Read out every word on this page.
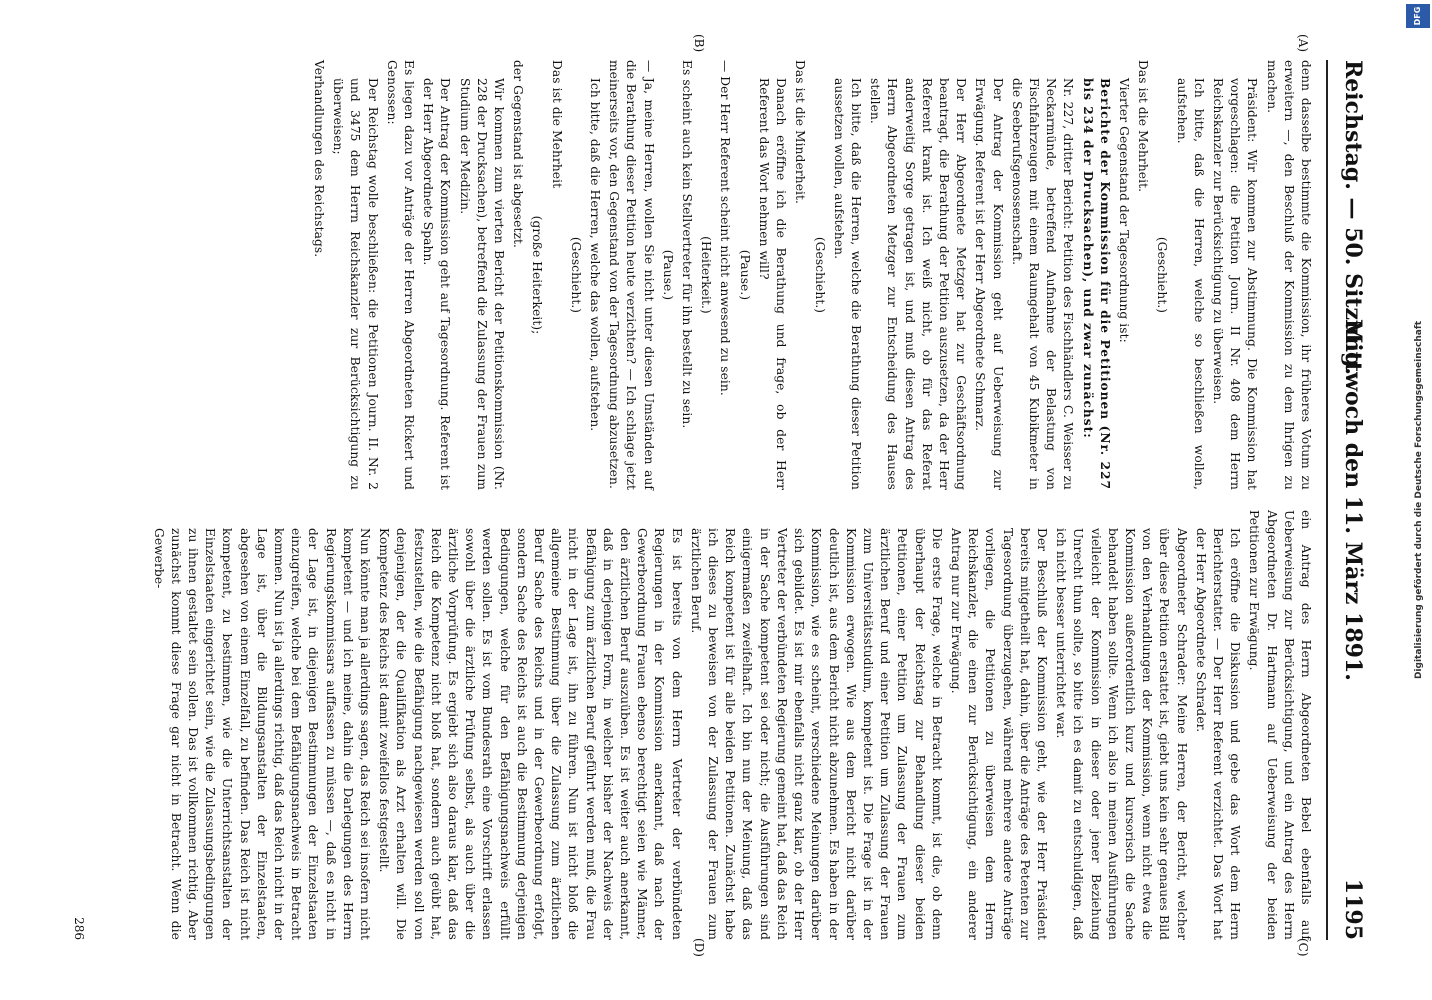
Reichstag. — 50. Sitzung.
Mittwoch den 11. März 1891.
1195
(A)
(B)
(C)
(D)

denn dasselbe bestimmte die Kommission, ihr früheres Votum zu erweitern —, den Beschluß der Kommission zu dem Ihrigen zu machen.

Präsident: Wir kommen zur Abstimmung. Die Kommission hat vorgeschlagen: die Petition Journ. II Nr. 408 dem Herrn Reichskanzler zur Berücksichtigung zu überweisen.

Ich bitte, daß die Herren, welche so beschließen wollen, aufstehen.

(Geschieht.)

Das ist die Mehrheit.

Vierter Gegenstand der Tagesordnung ist:

Berichte der Kommission für die Petitionen (Nr. 227 bis 234 der Drucksachen), und zwar zunächst:

Nr. 227, dritter Bericht: Petition des Fischhändlers C. Weisser zu Neckarmünde, betreffend Aufnahme der Belastung von Fischfahrzeugen mit einem Raumgehalt von 45 Kubikmeter in die Seeberufsgenossenschaft.

Der Antrag der Kommission geht auf Ueberweisung zur Erwägung. Referent ist der Herr Abgeordnete Schmarz.

Der Herr Abgeordnete Metzger hat zur Geschäftsordnung beantragt, die Berathung der Petition auszusetzen, da der Herr Referent krank ist. Ich weiß nicht, ob für das Referat anderweitig Sorge getragen ist, und muß diesen Antrag des Herrn Abgeordneten Metzger zur Entscheidung des Hauses stellen.

Ich bitte, daß die Herren, welche die Berathung dieser Petition aussetzen wollen, aufstehen.

(Geschieht.)

Das ist die Minderheit.

Danach eröffne ich die Berathung und frage, ob der Herr Referent das Wort nehmen will?

(Pause.)

— Der Herr Referent scheint nicht anwesend zu sein.

(Heiterkeit.)

Es scheint auch kein Stellvertreter für ihn bestellt zu sein.

(Pause.)

— Ja, meine Herren, wollen Sie nicht unter diesen Umständen auf die Berathung dieser Petition heute verzichten? — Ich schlage jetzt meinerseits vor, den Gegenstand von der Tagesordnung abzusetzen.

Ich bitte, daß die Herren, welche das wollen, aufstehen.

(Geschieht.)

Das ist die Mehrheit

(große Heiterkeit);

der Gegenstand ist abgesetzt.

Wir kommen zum vierten Bericht der Petitionskommission (Nr. 228 der Drucksachen), betreffend die Zulassung der Frauen zum Studium der Medizin.

Der Antrag der Kommission geht auf Tagesordnung. Referent ist der Herr Abgeordnete Spahn.

Es liegen dazu vor Anträge der Herren Abgeordneten Rickert und Genossen:

Der Reichstag wolle beschließen: die Petitionen Journ. II. Nr. 2 und 3475 dem Herrn Reichskanzler zur Berücksichtigung zu überweisen;

Verhandlungen des Reichstags.

ein Antrag des Herrn Abgeordneten Bebel ebenfalls auf Ueberweisung zur Berücksichtigung, und ein Antrag des Herrn Abgeordneten Dr. Hartmann auf Ueberweisung der beiden Petitionen zur Erwägung.

Ich eröffne die Diskussion und gebe das Wort dem Herrn Berichterstatter. — Der Herr Referent verzichtet. Das Wort hat der Herr Abgeordnete Schrader.

Abgeordneter Schrader: Meine Herren, der Bericht, welcher über diese Petition erstattet ist, giebt uns kein sehr genaues Bild von den Verhandlungen der Kommission, wenn nicht etwa die Kommission außerordentlich kurz und kursorisch die Sache behandelt haben sollte. Wenn ich also in meinen Ausführungen vielleicht der Kommission in dieser oder jener Beziehung Unrecht thun sollte, so bitte ich es damit zu entschuldigen, daß ich nicht besser unterrichtet war.

Der Beschluß der Kommission geht, wie der Herr Präsident bereits mitgetheilt hat, dahin, über die Anträge des Petenten zur Tagesordnung überzugehen, während mehrere andere Anträge vorliegen, die Petitionen zu überweisen dem Herrn Reichskanzler, die einen zur Berücksichtigung, ein anderer Antrag nur zur Erwägung.

Die erste Frage, welche in Betracht kommt, ist die, ob denn überhaupt der Reichstag zur Behandlung dieser beiden Petitionen, einer Petition um Zulassung der Frauen zum ärztlichen Beruf und einer Petition um Zulassung der Frauen zum Universitätsstudium, kompetent ist. Die Frage ist in der Kommission erwogen. Wie aus dem Bericht nicht darüber deutlich ist, aus dem Bericht nicht abzunehmen. Es haben in der Kommission, wie es scheint, verschiedene Meinungen darüber sich gebildet. Es ist mir ebenfalls nicht ganz klar, ob der Herr Vertreter der verbündeten Regierung gemeint hat, daß das Reich in der Sache kompetent sei oder nicht; die Ausführungen sind einigermaßen zweifelhaft. Ich bin nun der Meinung, daß das Reich kompetent ist für alle beiden Petitionen. Zunächst habe ich dieses zu beweisen von der Zulassung der Frauen zum ärztlichen Beruf.

Es ist bereits von dem Herrn Vertreter der verbündeten Regierungen in der Kommission anerkannt, daß nach der Gewerbeordnung Frauen ebenso berechtigt seien wie Männer, den ärztlichen Beruf auszuüben. Es ist weiter auch anerkannt, daß in derjenigen Form, in welcher bisher der Nachweis der Befähigung zum ärztlichen Beruf geführt werden muß, die Frau nicht in der Lage ist, ihn zu führen. Nun ist nicht bloß die allgemeine Bestimmung über die Zulassung zum ärztlichen Beruf Sache des Reichs und in der Gewerbeordnung erfolgt, sondern Sache des Reichs ist auch die Bestimmung derjenigen Bedingungen, welche für den Befähigungsnachweis erfüllt werden sollen. Es ist vom Bundesrath eine Vorschrift erlassen sowohl über die ärztliche Prüfung selbst, als auch über die ärztliche Vorprüfung. Es ergiebt sich also daraus klar, daß das Reich die Kompetenz nicht bloß hat, sondern auch geübt hat, festzustellen, wie die Befähigung nachgewiesen werden soll von denjenigen, der die Qualifikation als Arzt erhalten will. Die Kompetenz des Reichs ist damit zweifellos festgestellt.

Nun könnte man ja allerdings sagen, das Reich sei insofern nicht kompetent — und ich meine, dahin die Darlegungen des Herrn Regierungskommissars auffassen zu müssen —, daß es nicht in der Lage ist, in diejenigen Bestimmungen der Einzelstaaten einzugreifen, welche bei dem Befähigungsnachweis in Betracht kommen. Nun ist ja allerdings richtig, daß das Reich nicht in der Lage ist, über die Bildungsanstalten der Einzelstaaten, abgesehen von einem Einzelfall, zu befinden. Das Reich ist nicht kompetent, zu bestimmen, wie die Unterrichtsanstalten der Einzelstaaten eingerichtet sein, wie die Zulassungsbedingungen zu ihnen gestaltet sein sollen. Das ist vollkommen richtig. Aber zunächst kommt diese Frage gar nicht in Betracht. Wenn die Gewerbe-

286
DFG
Digitalisierung gefördert durch die Deutsche Forschungsgemeinschaft
